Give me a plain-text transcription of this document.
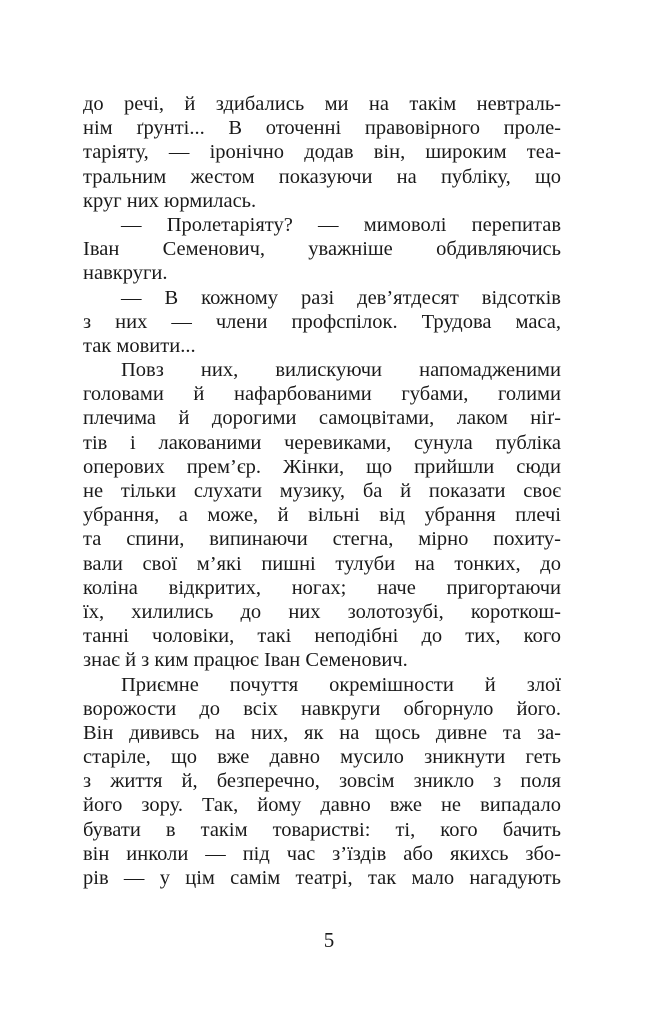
до речі, й здибались ми на такім невтраль-
нім ґрунті... В оточенні правовірного проле-
таріяту, — іронічно додав він, широким теа-
тральним жестом показуючи на публіку, що
круг них юрмилась.
— Пролетаріяту? — мимоволі перепитав
Іван Семенович, уважніше обдивляючись
навкруги.
— В кожному разі дев’ятдесят відсотків
з них — члени профспілок. Трудова маса,
так мовити...
Повз них, вилискуючи напомадженими
головами й нафарбованими губами, голими
плечима й дорогими самоцвітами, лаком ніґ-
тів і лакованими черевиками, сунула публіка
оперових прем’єр. Жінки, що прийшли сюди
не тільки слухати музику, ба й показати своє
убрання, а може, й вільні від убрання плечі
та спини, випинаючи стегна, мірно похиту-
вали свої м’які пишні тулуби на тонких, до
коліна відкритих, ногах; наче пригортаючи
їх, хилились до них золотозубі, короткош-
танні чоловіки, такі неподібні до тих, кого
знає й з ким працює Іван Семенович.
Приємне почуття окремішности й злої
ворожости до всіх навкруги обгорнуло його.
Він дививсь на них, як на щось дивне та за-
старіле, що вже давно мусило зникнути геть
з життя й, безперечно, зовсім зникло з поля
його зору. Так, йому давно вже не випадало
бувати в такім товаристві: ті, кого бачить
він инколи — під час з’їздів або якихсь збо-
рів — у цім самім театрі, так мало нагадують
5
